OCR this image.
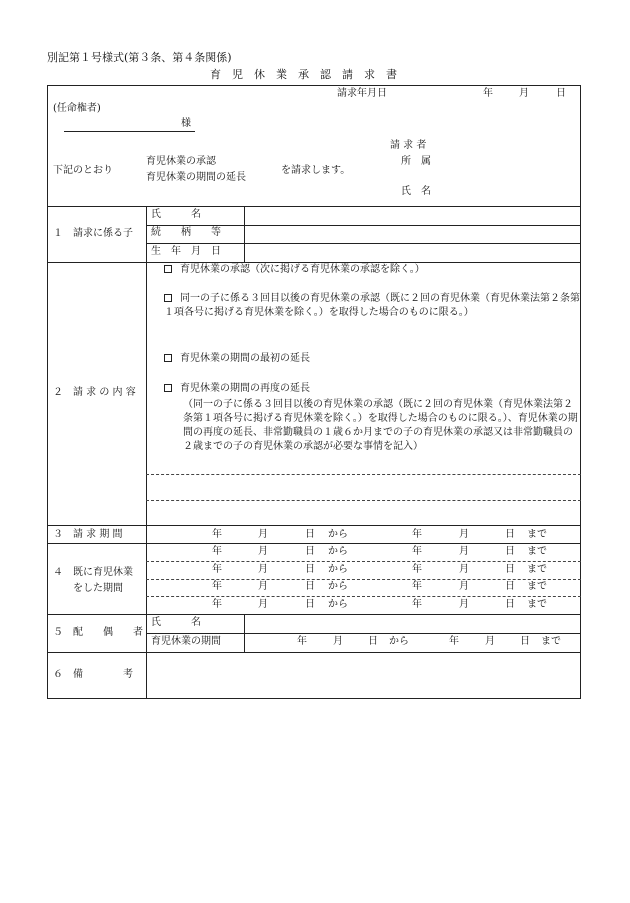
別記第１号様式(第３条、第４条関係)
育　児　休　業　承　認　請　求　書
請求年月日	年	月	日
(任命権者)
様
下記のとおり
育児休業の承認
育児休業の期間の延長
を請求します。
請 求 者
所　属
氏　名
１　請求に係る子
氏　　　名
続　　柄　　等
生　年　月　日
２　請 求 の 内 容
育児休業の承認（次に掲げる育児休業の承認を除く。）
同一の子に係る３回目以後の育児休業の承認（既に２回の育児休業（育児休業法第２条第１項各号に掲げる育児休業を除く。）を取得した場合のものに限る。）
育児休業の期間の最初の延長
育児休業の期間の再度の延長
（同一の子に係る３回目以後の育児休業の承認（既に２回の育児休業（育児休業法第２条第１項各号に掲げる育児休業を除く。）を取得した場合のものに限る。）、育児休業の期間の再度の延長、非常勤職員の１歳６か月までの子の育児休業の承認又は非常勤職員の２歳までの子の育児休業の承認が必要な事情を記入）
３　請 求 期 間	年	月	日 から	年	月	日 まで
４　既に育児休業
をした期間
年	月	日 から	年	月	日 まで
年	月	日 から	年	月	日 まで
年	月	日 から	年	月	日 まで
年	月	日 から	年	月	日 まで
５　配　　偶　　者
氏　　　名
育児休業の期間	年	月	日 から	年	月	日 まで
６　備　　　　考
